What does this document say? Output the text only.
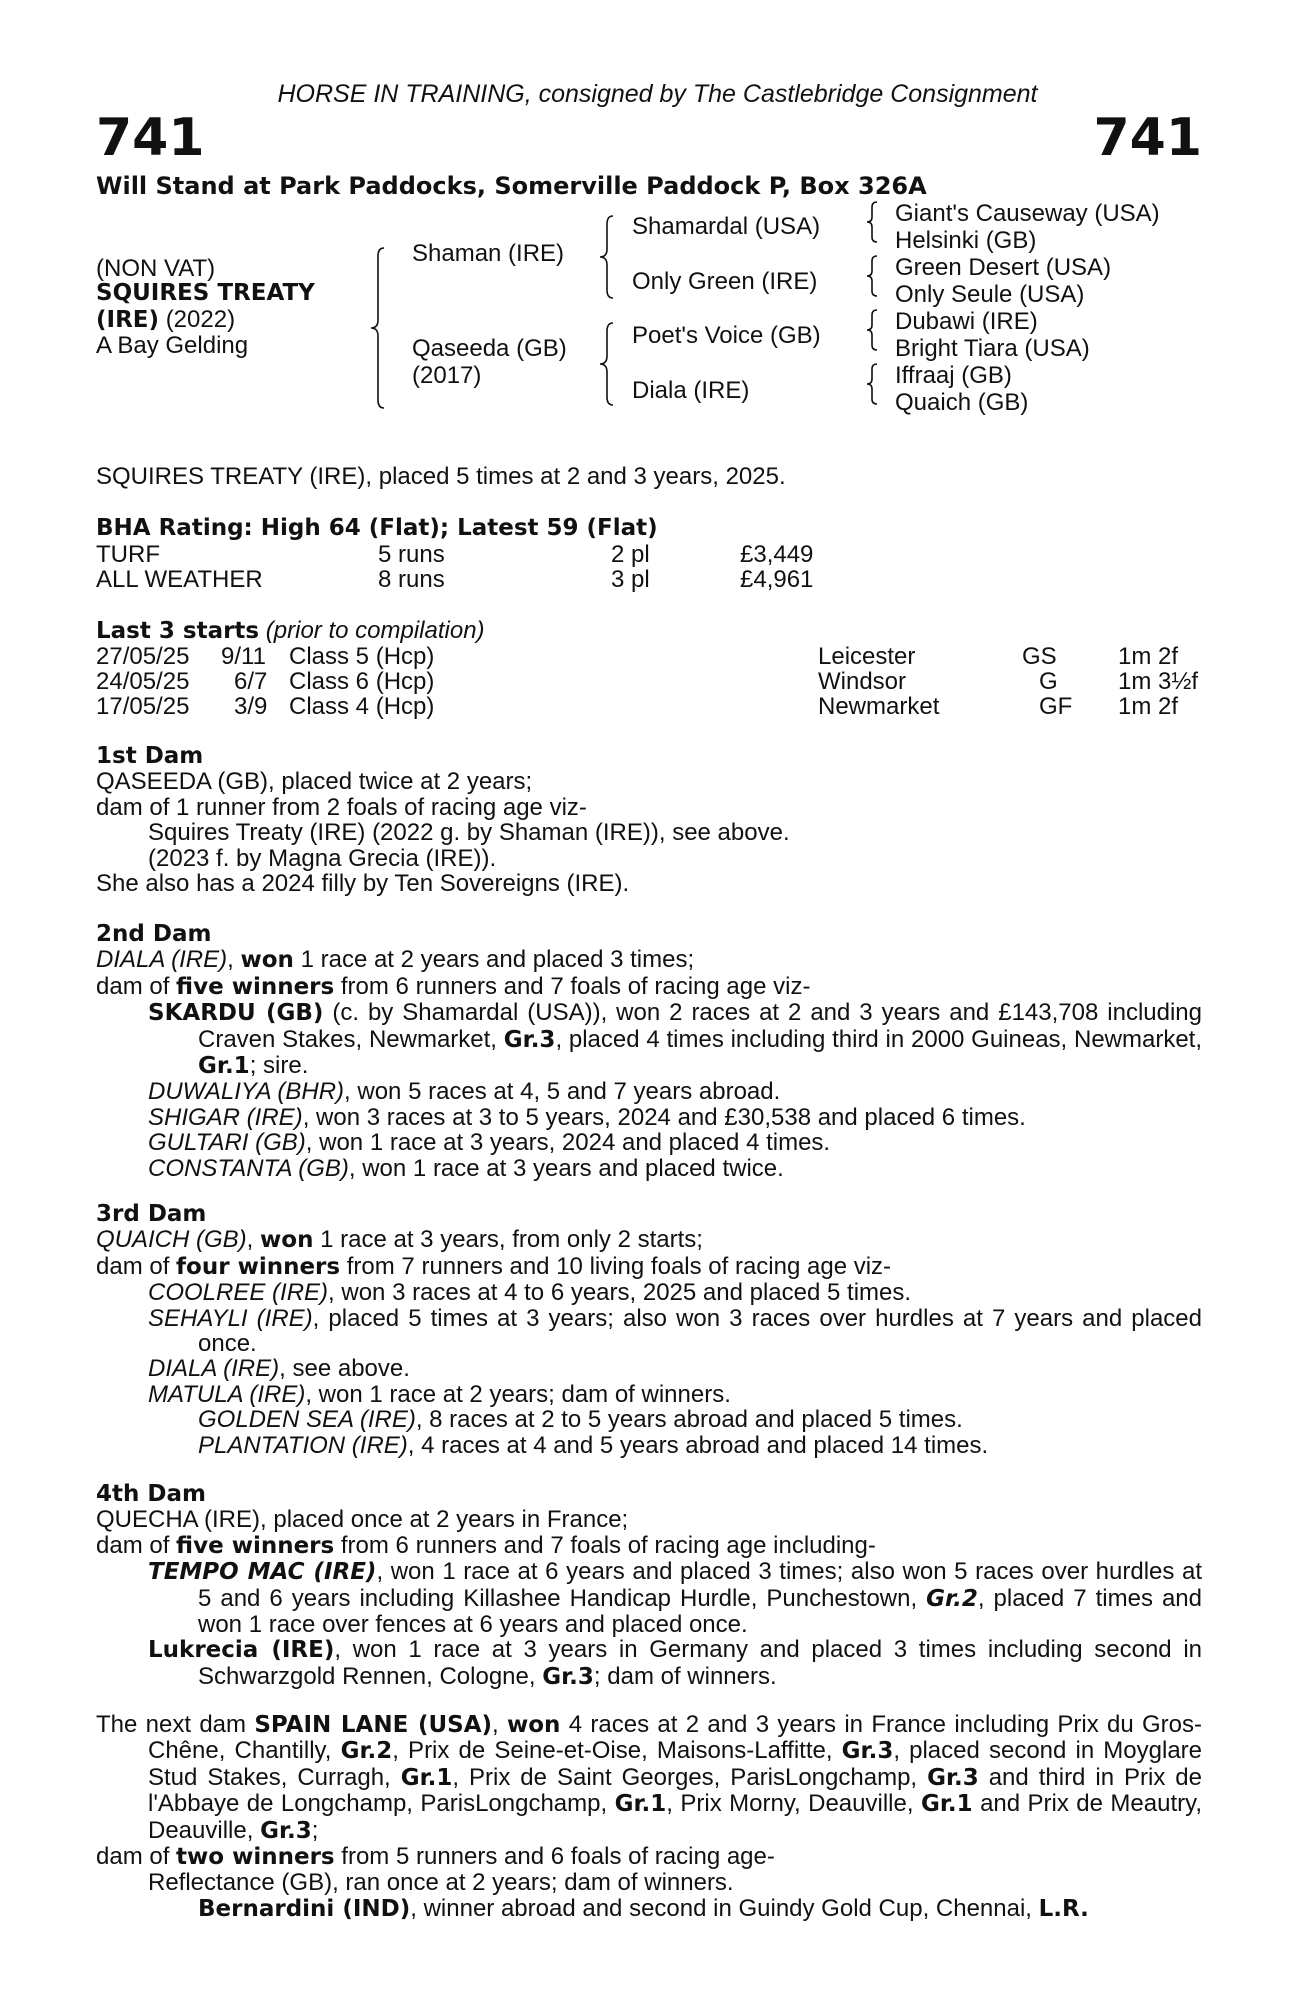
HORSE IN TRAINING, consigned by The Castlebridge Consignment
741	741
Will Stand at Park Paddocks, Somerville Paddock P, Box 326A
(NON VAT)
SQUIRES TREATY
(IRE) (2022)
A Bay Gelding
Shaman (IRE)
Qaseeda (GB)
(2017)
Shamardal (USA)
Only Green (IRE)
Poet's Voice (GB)
Diala (IRE)
Giant's Causeway (USA)
Helsinki (GB)
Green Desert (USA)
Only Seule (USA)
Dubawi (IRE)
Bright Tiara (USA)
Iffraaj (GB)
Quaich (GB)
SQUIRES TREATY (IRE), placed 5 times at 2 and 3 years, 2025.
BHA Rating: High 64 (Flat); Latest 59 (Flat)
TURF	5 runs	2 pl	£3,449
ALL WEATHER	8 runs	3 pl	£4,961
Last 3 starts (prior to compilation)
27/05/25 9/11 Class 5 (Hcp)	Leicester	GS	1m 2f
24/05/25 6/7 Class 6 (Hcp)	Windsor	G	1m 3½f
17/05/25 3/9 Class 4 (Hcp)	Newmarket	GF 1m 2f

1st Dam

QASEEDA (GB), placed twice at 2 years;

dam of 1 runner from 2 foals of racing age viz-

Squires Treaty (IRE) (2022 g. by Shaman (IRE)), see above.

(2023 f. by Magna Grecia (IRE)).

She also has a 2024 filly by Ten Sovereigns (IRE).

2nd Dam

DIALA (IRE), won 1 race at 2 years and placed 3 times;

dam of five winners from 6 runners and 7 foals of racing age viz-

SKARDU (GB) (c. by Shamardal (USA)), won 2 races at 2 and 3 years and £143,708 including Craven Stakes, Newmarket, Gr.3, placed 4 times including third in 2000 Guineas, Newmarket, Gr.1; sire.

DUWALIYA (BHR), won 5 races at 4, 5 and 7 years abroad.

SHIGAR (IRE), won 3 races at 3 to 5 years, 2024 and £30,538 and placed 6 times.

GULTARI (GB), won 1 race at 3 years, 2024 and placed 4 times.

CONSTANTA (GB), won 1 race at 3 years and placed twice.

3rd Dam

QUAICH (GB), won 1 race at 3 years, from only 2 starts;

dam of four winners from 7 runners and 10 living foals of racing age viz-

COOLREE (IRE), won 3 races at 4 to 6 years, 2025 and placed 5 times.

SEHAYLI (IRE), placed 5 times at 3 years; also won 3 races over hurdles at 7 years and placed once.

DIALA (IRE), see above.

MATULA (IRE), won 1 race at 2 years; dam of winners.

GOLDEN SEA (IRE), 8 races at 2 to 5 years abroad and placed 5 times.

PLANTATION (IRE), 4 races at 4 and 5 years abroad and placed 14 times.

4th Dam

QUECHA (IRE), placed once at 2 years in France;

dam of five winners from 6 runners and 7 foals of racing age including-

TEMPO MAC (IRE), won 1 race at 6 years and placed 3 times; also won 5 races over hurdles at 5 and 6 years including Killashee Handicap Hurdle, Punchestown, Gr.2, placed 7 times and won 1 race over fences at 6 years and placed once.

Lukrecia (IRE), won 1 race at 3 years in Germany and placed 3 times including second in Schwarzgold Rennen, Cologne, Gr.3; dam of winners.

The next dam SPAIN LANE (USA), won 4 races at 2 and 3 years in France including Prix du Gros-Chêne, Chantilly, Gr.2, Prix de Seine-et-Oise, Maisons-Laffitte, Gr.3, placed second in Moyglare Stud Stakes, Curragh, Gr.1, Prix de Saint Georges, ParisLongchamp, Gr.3 and third in Prix de l'Abbaye de Longchamp, ParisLongchamp, Gr.1, Prix Morny, Deauville, Gr.1 and Prix de Meautry, Deauville, Gr.3;

dam of two winners from 5 runners and 6 foals of racing age-

Reflectance (GB), ran once at 2 years; dam of winners.

Bernardini (IND), winner abroad and second in Guindy Gold Cup, Chennai, L.R.
